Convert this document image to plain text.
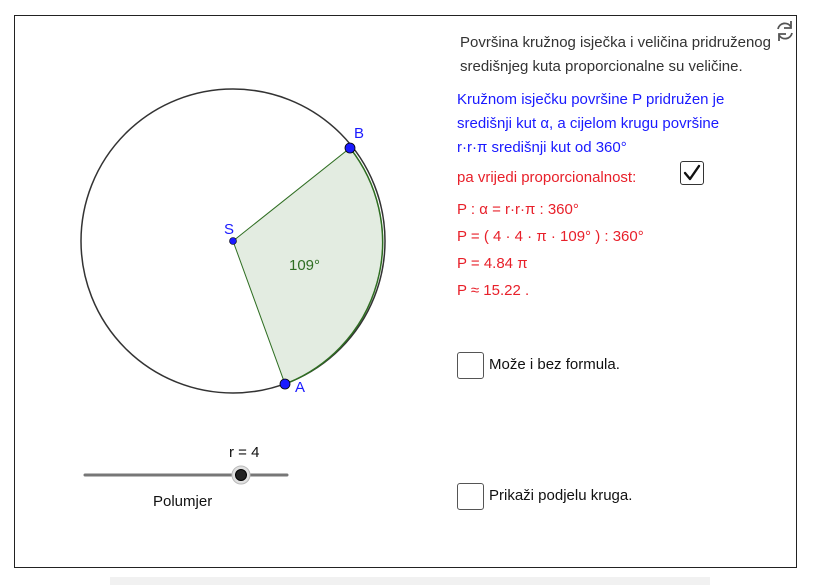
S
B
A
109°
Površina kružnog isječka i veličina pridruženog
središnjeg kuta proporcionalne su veličine.
Kružnom isječku površine P pridružen je
središnji kut α, a cijelom krugu površine
r·r·π središnji kut od 360°
pa vrijedi proporcionalnost:
P : α = r·r·π : 360°
P = ( 4 · 4 · π · 109° ) : 360°
P = 4.84 π
P ≈ 15.22 .
Može i bez formula.
Prikaži podjelu kruga.
r = 4
Polumjer
